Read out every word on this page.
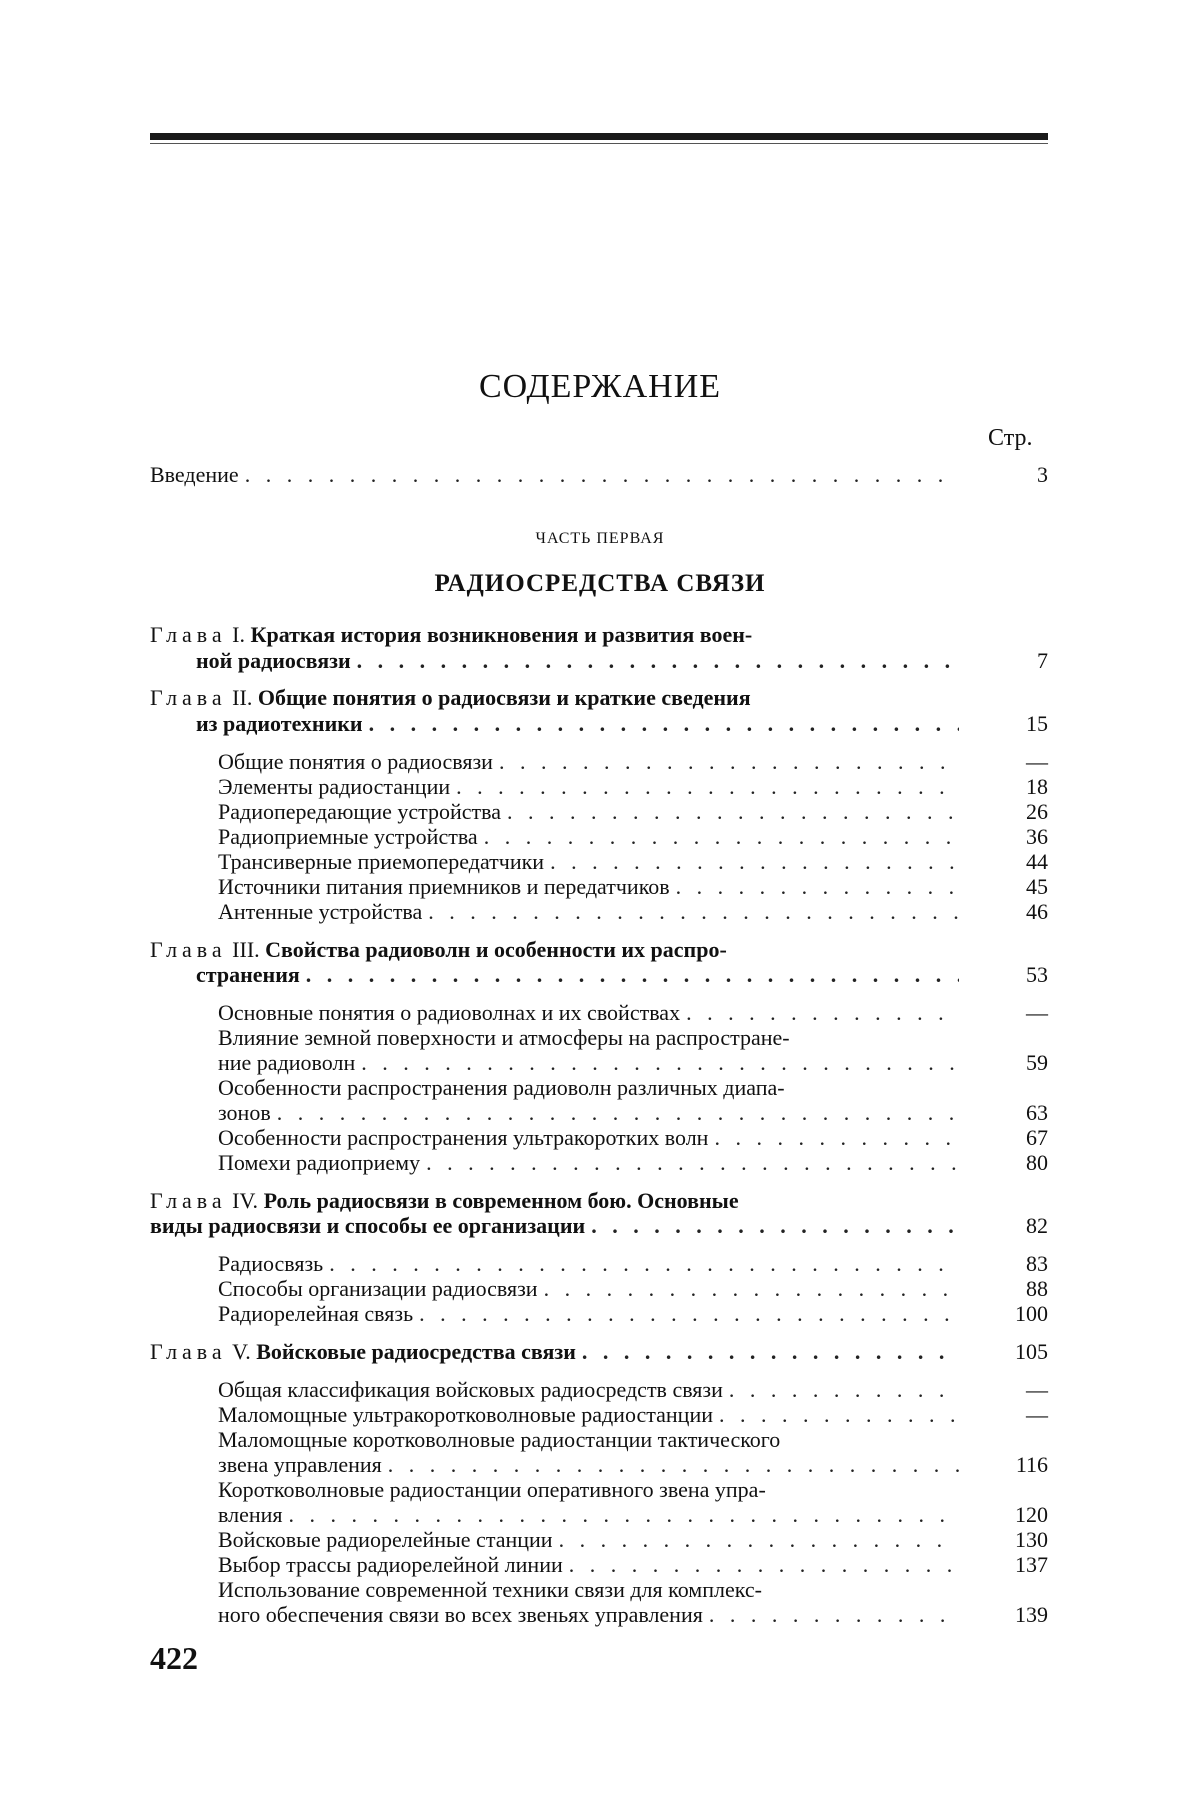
СОДЕРЖАНИЕ
Стр.
Введение . . .	3
ЧАСТЬ ПЕРВАЯ
РАДИОСРЕДСТВА СВЯЗИ
Глава I. Краткая история возникновения и развития воен-
ной радиосвязи . . .	7
Глава II. Общие понятия о радиосвязи и краткие сведения
из радиотехники . . .	15
Общие понятия о радиосвязи . . .	—
Элементы радиостанции . . .	18
Радиопередающие устройства . . .	26
Радиоприемные устройства . . .	36
Трансиверные приемопередатчики . . .	44
Источники питания приемников и передатчиков . . .	45
Антенные устройства . . .	46
Глава III. Свойства радиоволн и особенности их распро-
странения . . .	53
Основные понятия о радиоволнах и их свойствах . . .	—
Влияние земной поверхности и атмосферы на распростране-
ние радиоволн . . .	59
Особенности распространения радиоволн различных диапа-
зонов . . .	63
Особенности распространения ультракоротких волн . . .	67
Помехи радиоприему . . .	80
Глава IV. Роль радиосвязи в современном бою. Основные
виды радиосвязи и способы ее организации . . .	82
Радиосвязь . . .	83
Способы организации радиосвязи . . .	88
Радиорелейная связь . . .	100
Глава V. Войсковые радиосредства связи . . .	105
Общая классификация войсковых радиосредств связи . . .	—
Маломощные ультракоротковолновые радиостанции . . .	—
Маломощные коротковолновые радиостанции тактического
звена управления . . .	116
Коротковолновые радиостанции оперативного звена упра-
вления . . .	120
Войсковые радиорелейные станции . . .	130
Выбор трассы радиорелейной линии . . .	137
Использование современной техники связи для комплекс-
ного обеспечения связи во всех звеньях управления . . .	139
422
